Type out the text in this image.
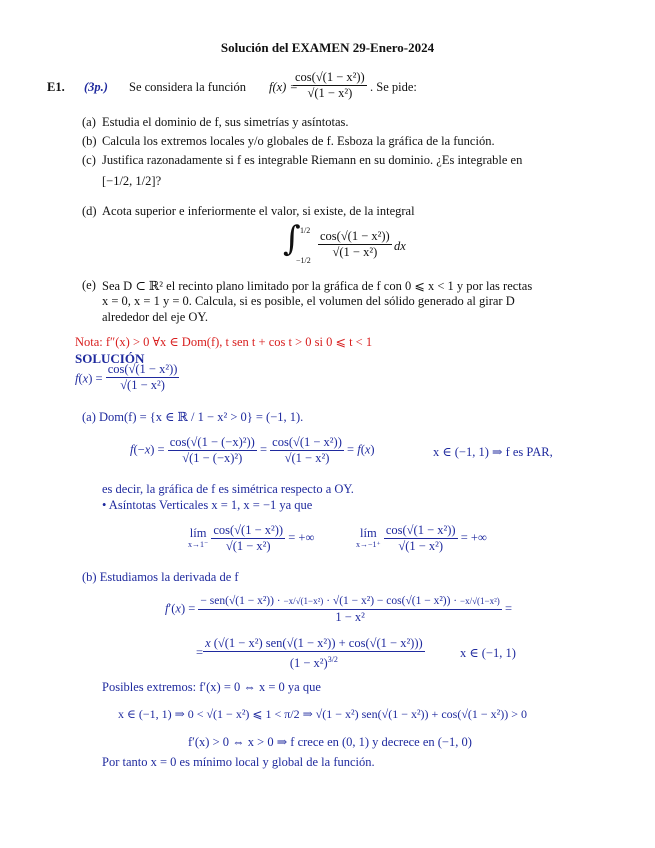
Solución del EXAMEN 29-Enero-2024
E1. (3p.) Se considera la función f(x) =
$\frac{\text{cos(√(1 − x²))}}{\text{√(1 − x²)}}$ . Se pide:
(a) Estudia el dominio de f, sus simetrías y asíntotas.
(b) Calcula los extremos locales y/o globales de f. Esboza la gráfica de la función.
(c) Justifica razonadamente si f es integrable Riemann en su dominio. ¿Es integrable en
[−1/2, 1/2]?
(d) Acota superior e inferiormente el valor, si existe, de la integral
∫ 1/2
−1/2
$\frac{\text{cos(√(1 − x²))}}{\text{√(1 − x²)}}$ dx
(e) Sea D ⊂ ℝ² el recinto plano limitado por la gráfica de f con 0 ⩽ x < 1 y por las rectas
x = 0, x = 1 y = 0. Calcula, si es posible, el volumen del sólido generado al girar D
alrededor del eje OY.
Nota: f″(x) > 0 ∀x ∈ Dom(f), t sen t + cos t > 0 si 0 ⩽ t < 1
SOLUCIÓN
$f(x) = \frac{\text{cos(√(1 − x²))}}{\text{√(1 − x²)}}$
(a) Dom(f) = {x ∈ ℝ / 1 − x² > 0} = (−1, 1).
$f(-x) = \frac{\text{cos(√(1 − (−x)²))}}{\text{√(1 − (−x)²)}} = \frac{\text{cos(√(1 − x²))}}{\text{√(1 − x²)}} = f(x)$	x ∈ (−1, 1) ⇒ f es PAR,
es decir, la gráfica de f es simétrica respecto a OY.
• Asíntotas Verticales x = 1, x = −1 ya que
lím
x→1⁻
$\frac{\text{cos(√(1 − x²))}}{\text{√(1 − x²)}}$ = +∞	lím
x→−1⁺
$\frac{\text{cos(√(1 − x²))}}{\text{√(1 − x²)}}$ = +∞
(b) Estudiamos la derivada de f
f′(x) =
− sen(√(1 − x²)) · −x/√(1−x²) · √(1 − x²) − cos(√(1 − x²)) · −x/√(1−x²)
1 − x²
=
= $\frac{\text{x (√(1 − x²) sen(√(1 − x²)) + cos(√(1 − x²)))}}{(1 - x^2)^{3/2}}$	x ∈ (−1, 1)
Posibles extremos: f′(x) = 0 ⇔ x = 0 ya que
x ∈ (−1, 1) ⇒ 0 < √(1 − x²) ⩽ 1 < π/2 ⇒ √(1 − x²) sen(√(1 − x²)) + cos(√(1 − x²)) > 0
f′(x) > 0 ⇔ x > 0 ⇒ f crece en (0, 1) y decrece en (−1, 0)
Por tanto x = 0 es mínimo local y global de la función.
